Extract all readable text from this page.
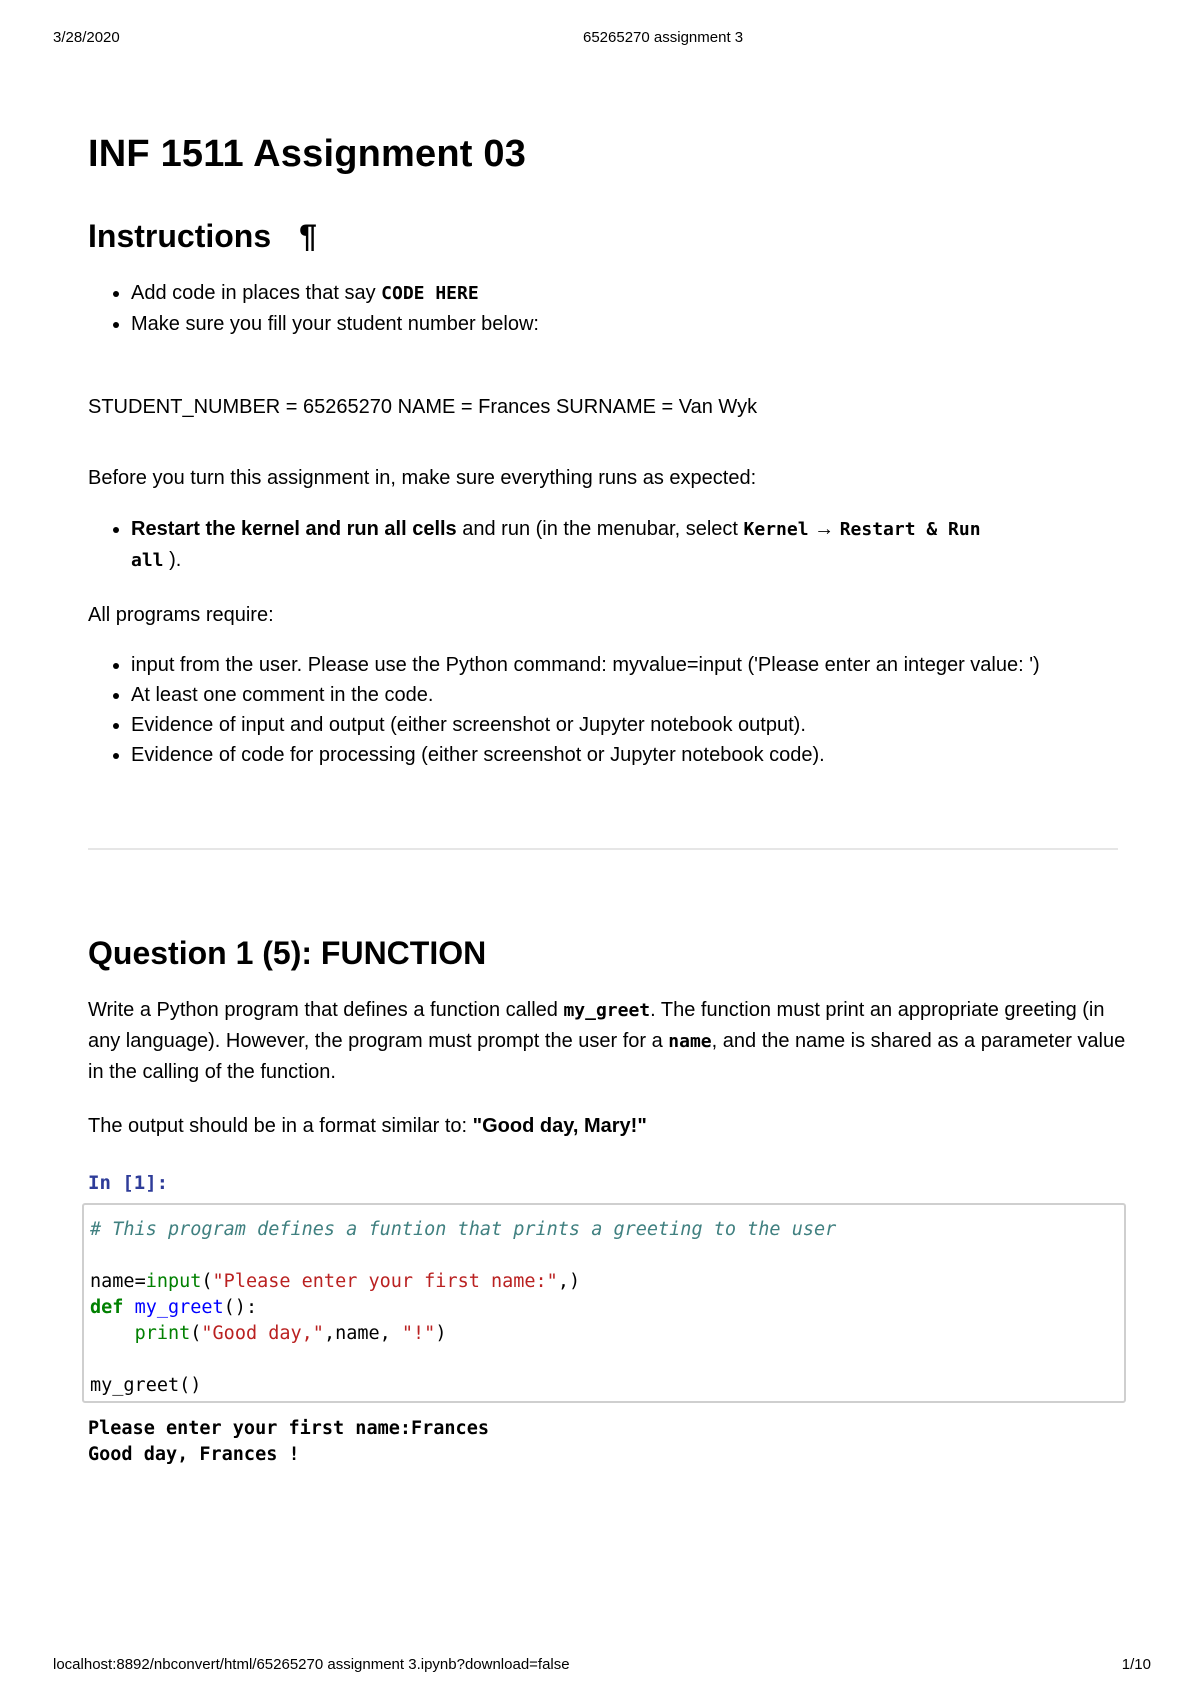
3/28/2020	65265270 assignment 3
INF 1511 Assignment 03
Instructions ¶
• Add code in places that say CODE HERE
• Make sure you fill your student number below:
STUDENT_NUMBER = 65265270 NAME = Frances SURNAME = Van Wyk
Before you turn this assignment in, make sure everything runs as expected:
• Restart the kernel and run all cells and run (in the menubar, select Kernel → Restart & Run
all ).
All programs require:
• input from the user. Please use the Python command: myvalue=input ('Please enter an integer value: ')
• At least one comment in the code.
• Evidence of input and output (either screenshot or Jupyter notebook output).
• Evidence of code for processing (either screenshot or Jupyter notebook code).
Question 1 (5): FUNCTION
Write a Python program that defines a function called my_greet. The function must print an appropriate greeting (in any language). However, the program must prompt the user for a name, and the name is shared as a parameter value in the calling of the function.
The output should be in a format similar to: "Good day, Mary!"
In [1]:
# This program defines a funtion that prints a greeting to the user

name=input("Please enter your first name:",)
def my_greet():
print("Good day,",name, "!")

my_greet()
Please enter your first name:Frances
Good day, Frances !
localhost:8892/nbconvert/html/65265270 assignment 3.ipynb?download=false	1/10
